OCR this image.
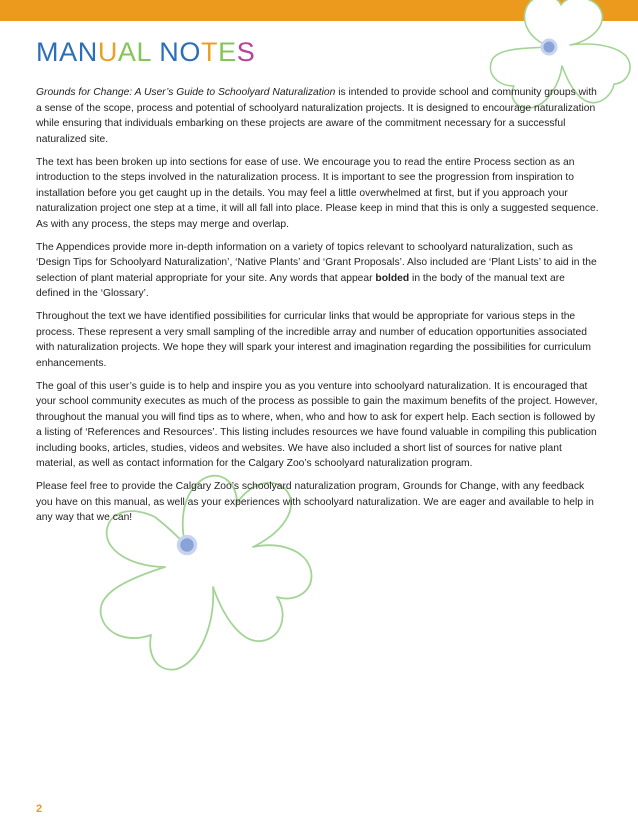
MANUAL NOTES

Grounds for Change: A User’s Guide to Schoolyard Naturalization is intended to provide school and community groups with a sense of the scope, process and potential of schoolyard naturalization projects. It is designed to encourage naturalization while ensuring that individuals embarking on these projects are aware of the commitment necessary for a successful naturalized site.

The text has been broken up into sections for ease of use. We encourage you to read the entire Process section as an introduction to the steps involved in the naturalization process. It is important to see the progression from inspiration to installation before you get caught up in the details. You may feel a little overwhelmed at first, but if you approach your naturalization project one step at a time, it will all fall into place. Please keep in mind that this is only a suggested sequence. As with any process, the steps may merge and overlap.

The Appendices provide more in-depth information on a variety of topics relevant to schoolyard naturalization, such as ‘Design Tips for Schoolyard Naturalization’, ‘Native Plants’ and ‘Grant Proposals’. Also included are ‘Plant Lists’ to aid in the selection of plant material appropriate for your site. Any words that appear bolded in the body of the manual text are defined in the ‘Glossary’.

Throughout the text we have identified possibilities for curricular links that would be appropriate for various steps in the process. These represent a very small sampling of the incredible array and number of education opportunities associated with naturalization projects. We hope they will spark your interest and imagination regarding the possibilities for curriculum enhancements.

The goal of this user’s guide is to help and inspire you as you venture into schoolyard naturalization. It is encouraged that your school community executes as much of the process as possible to gain the maximum benefits of the project. However, throughout the manual you will find tips as to where, when, who and how to ask for expert help. Each section is followed by a listing of ‘References and Resources’. This listing includes resources we have found valuable in compiling this publication including books, articles, studies, videos and websites. We have also included a short list of sources for native plant material, as well as contact information for the Calgary Zoo’s schoolyard naturalization program.

Please feel free to provide the Calgary Zoo’s schoolyard naturalization program, Grounds for Change, with any feedback you have on this manual, as well as your experiences with schoolyard naturalization. We are eager and available to help in any way that we can!

2
